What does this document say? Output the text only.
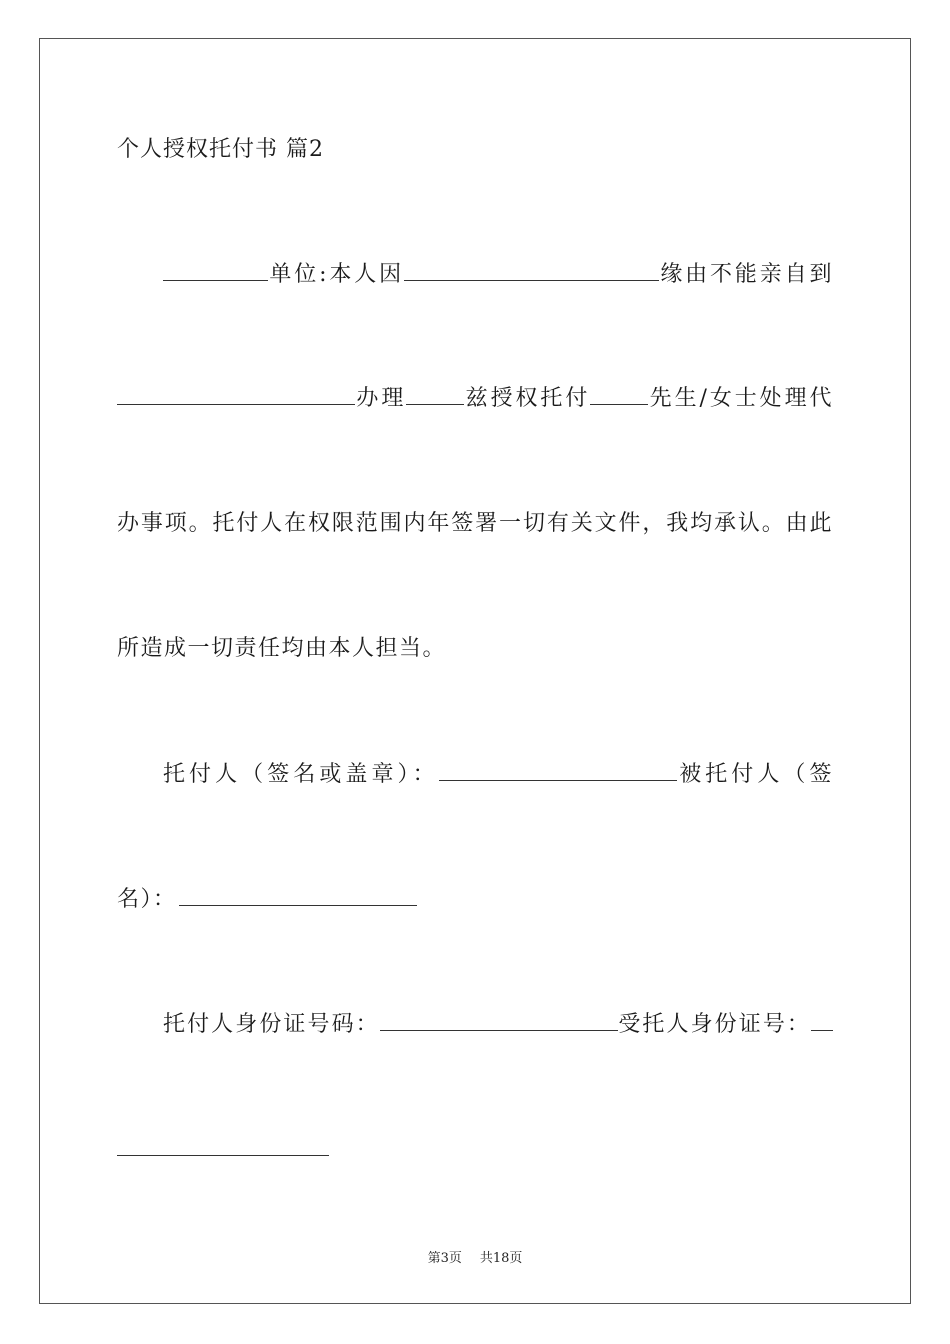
个人授权托付书 篇2
单位:本人因	缘由不能亲自到
办理	兹授权托付	先生/女士处理代
办事项。托付人在权限范围内年签署一切有关文件，我均承认。由此
所造成一切责任均由本人担当。
托付人（签名或盖章）：	被托付人（签
名）：
托付人身份证号码：	受托人身份证号：
第3页 共18页
